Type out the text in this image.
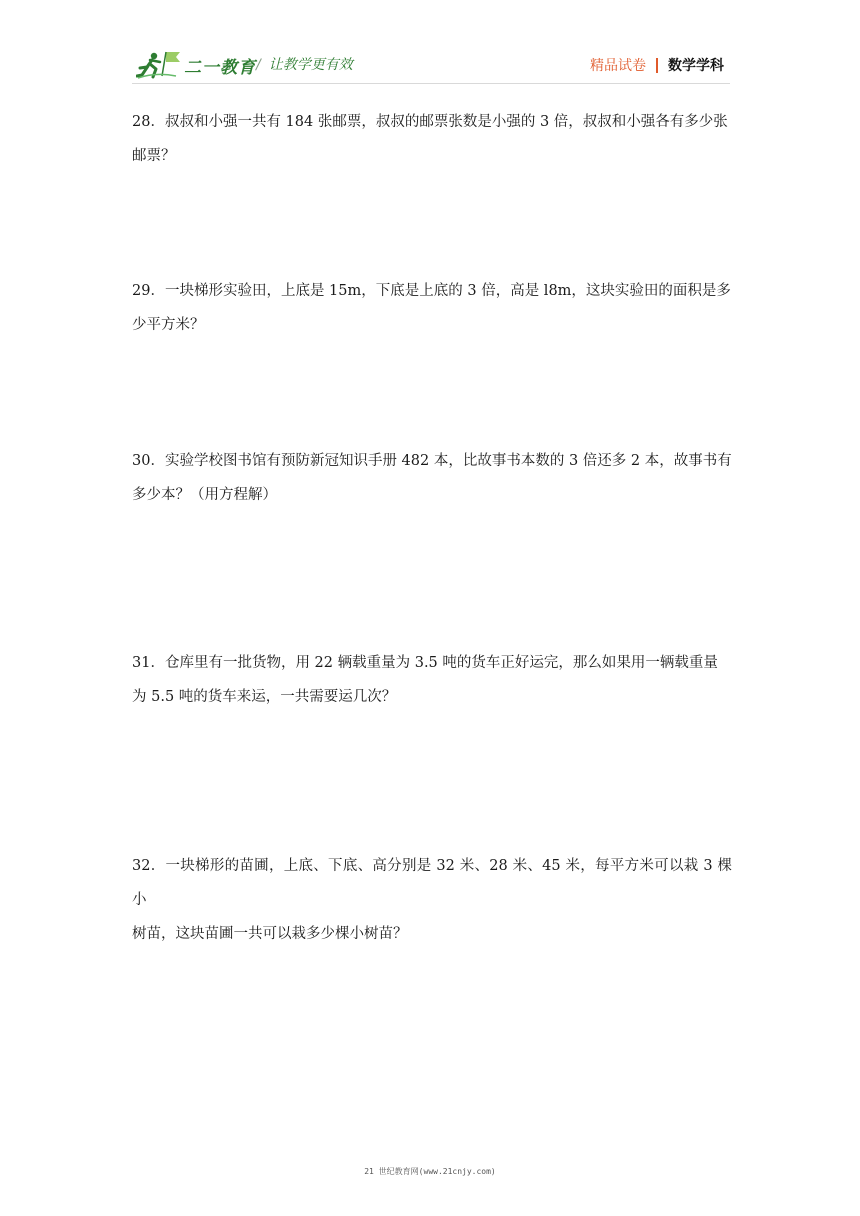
二一教育 / 让教学更有效	精品试卷 数学学科
28．叔叔和小强一共有 184 张邮票，叔叔的邮票张数是小强的 3 倍，叔叔和小强各有多少张
邮票？
29．一块梯形实验田，上底是 15m，下底是上底的 3 倍，高是 l8m，这块实验田的面积是多
少平方米？
30．实验学校图书馆有预防新冠知识手册 482 本，比故事书本数的 3 倍还多 2 本，故事书有
多少本？（用方程解）
31．仓库里有一批货物，用 22 辆载重量为 3.5 吨的货车正好运完，那么如果用一辆载重量
为 5.5 吨的货车来运，一共需要运几次？
32．一块梯形的苗圃，上底、下底、高分别是 32 米、28 米、45 米，每平方米可以栽 3 棵小
树苗，这块苗圃一共可以栽多少棵小树苗？
21 世纪教育网(www.21cnjy.com)
